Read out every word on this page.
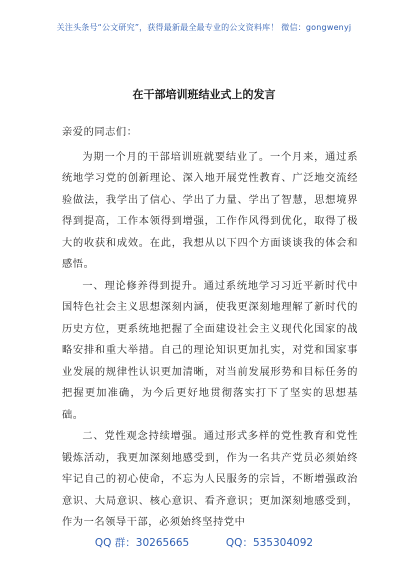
关注头条号“公文研究”，获得最新最全最专业的公文资料库！ 微信：gongwenyj
在干部培训班结业式上的发言

亲爱的同志们：

为期一个月的干部培训班就要结业了。一个月来，通过系统地学习党的创新理论、深入地开展党性教育、广泛地交流经验做法，我学出了信心、学出了力量、学出了智慧，思想境界得到提高，工作本领得到增强，工作作风得到优化，取得了极大的收获和成效。在此，我想从以下四个方面谈谈我的体会和感悟。

一、理论修养得到提升。通过系统地学习习近平新时代中国特色社会主义思想深刻内涵，使我更深刻地理解了新时代的历史方位，更系统地把握了全面建设社会主义现代化国家的战略安排和重大举措。自己的理论知识更加扎实，对党和国家事业发展的规律性认识更加清晰，对当前发展形势和目标任务的把握更加准确，为今后更好地贯彻落实打下了坚实的思想基础。

二、党性观念持续增强。通过形式多样的党性教育和党性锻炼活动，我更加深刻地感受到，作为一名共产党员必须始终牢记自己的初心使命，不忘为人民服务的宗旨，不断增强政治意识、大局意识、核心意识、看齐意识；更加深刻地感受到，作为一名领导干部，必须始终坚持党中

QQ 群：30265665	QQ：535304092
